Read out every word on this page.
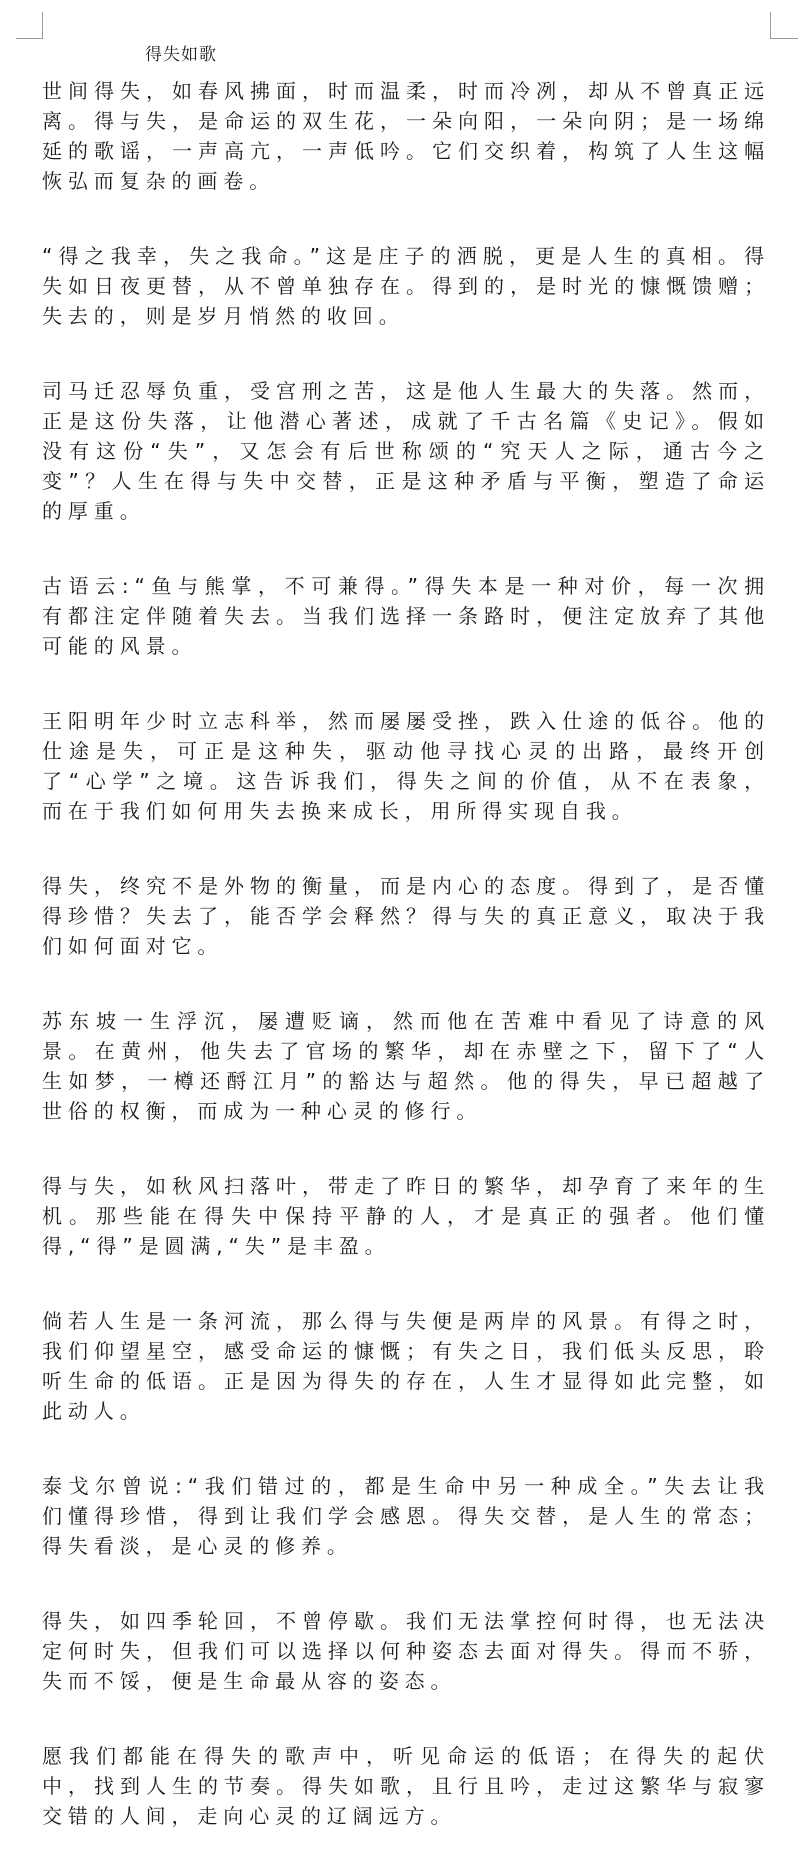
得失如歌

世间得失，如春风拂面，时而温柔，时而冷冽，却从不曾真正远离。得与失，是命运的双生花，一朵向阳，一朵向阴；是一场绵延的歌谣，一声高亢，一声低吟。它们交织着，构筑了人生这幅恢弘而复杂的画卷。

“得之我幸，失之我命。”这是庄子的洒脱，更是人生的真相。得失如日夜更替，从不曾单独存在。得到的，是时光的慷慨馈赠；失去的，则是岁月悄然的收回。

司马迁忍辱负重，受宫刑之苦，这是他人生最大的失落。然而，正是这份失落，让他潜心著述，成就了千古名篇《史记》。假如没有这份“失”，又怎会有后世称颂的“究天人之际，通古今之变”？人生在得与失中交替，正是这种矛盾与平衡，塑造了命运的厚重。

古语云:“鱼与熊掌，不可兼得。”得失本是一种对价，每一次拥有都注定伴随着失去。当我们选择一条路时，便注定放弃了其他可能的风景。

王阳明年少时立志科举，然而屡屡受挫，跌入仕途的低谷。他的仕途是失，可正是这种失，驱动他寻找心灵的出路，最终开创了“心学”之境。这告诉我们，得失之间的价值，从不在表象，而在于我们如何用失去换来成长，用所得实现自我。

得失，终究不是外物的衡量，而是内心的态度。得到了，是否懂得珍惜？失去了，能否学会释然？得与失的真正意义，取决于我们如何面对它。

苏东坡一生浮沉，屡遭贬谪，然而他在苦难中看见了诗意的风景。在黄州，他失去了官场的繁华，却在赤壁之下，留下了“人生如梦，一樽还酹江月”的豁达与超然。他的得失，早已超越了世俗的权衡，而成为一种心灵的修行。

得与失，如秋风扫落叶，带走了昨日的繁华，却孕育了来年的生机。那些能在得失中保持平静的人，才是真正的强者。他们懂得,“得”是圆满,“失”是丰盈。

倘若人生是一条河流，那么得与失便是两岸的风景。有得之时，我们仰望星空，感受命运的慷慨；有失之日，我们低头反思，聆听生命的低语。正是因为得失的存在，人生才显得如此完整，如此动人。

泰戈尔曾说:“我们错过的，都是生命中另一种成全。”失去让我们懂得珍惜，得到让我们学会感恩。得失交替，是人生的常态；得失看淡，是心灵的修养。

得失，如四季轮回，不曾停歇。我们无法掌控何时得，也无法决定何时失，但我们可以选择以何种姿态去面对得失。得而不骄，失而不馁，便是生命最从容的姿态。

愿我们都能在得失的歌声中，听见命运的低语；在得失的起伏中，找到人生的节奏。得失如歌，且行且吟，走过这繁华与寂寥交错的人间，走向心灵的辽阔远方。
